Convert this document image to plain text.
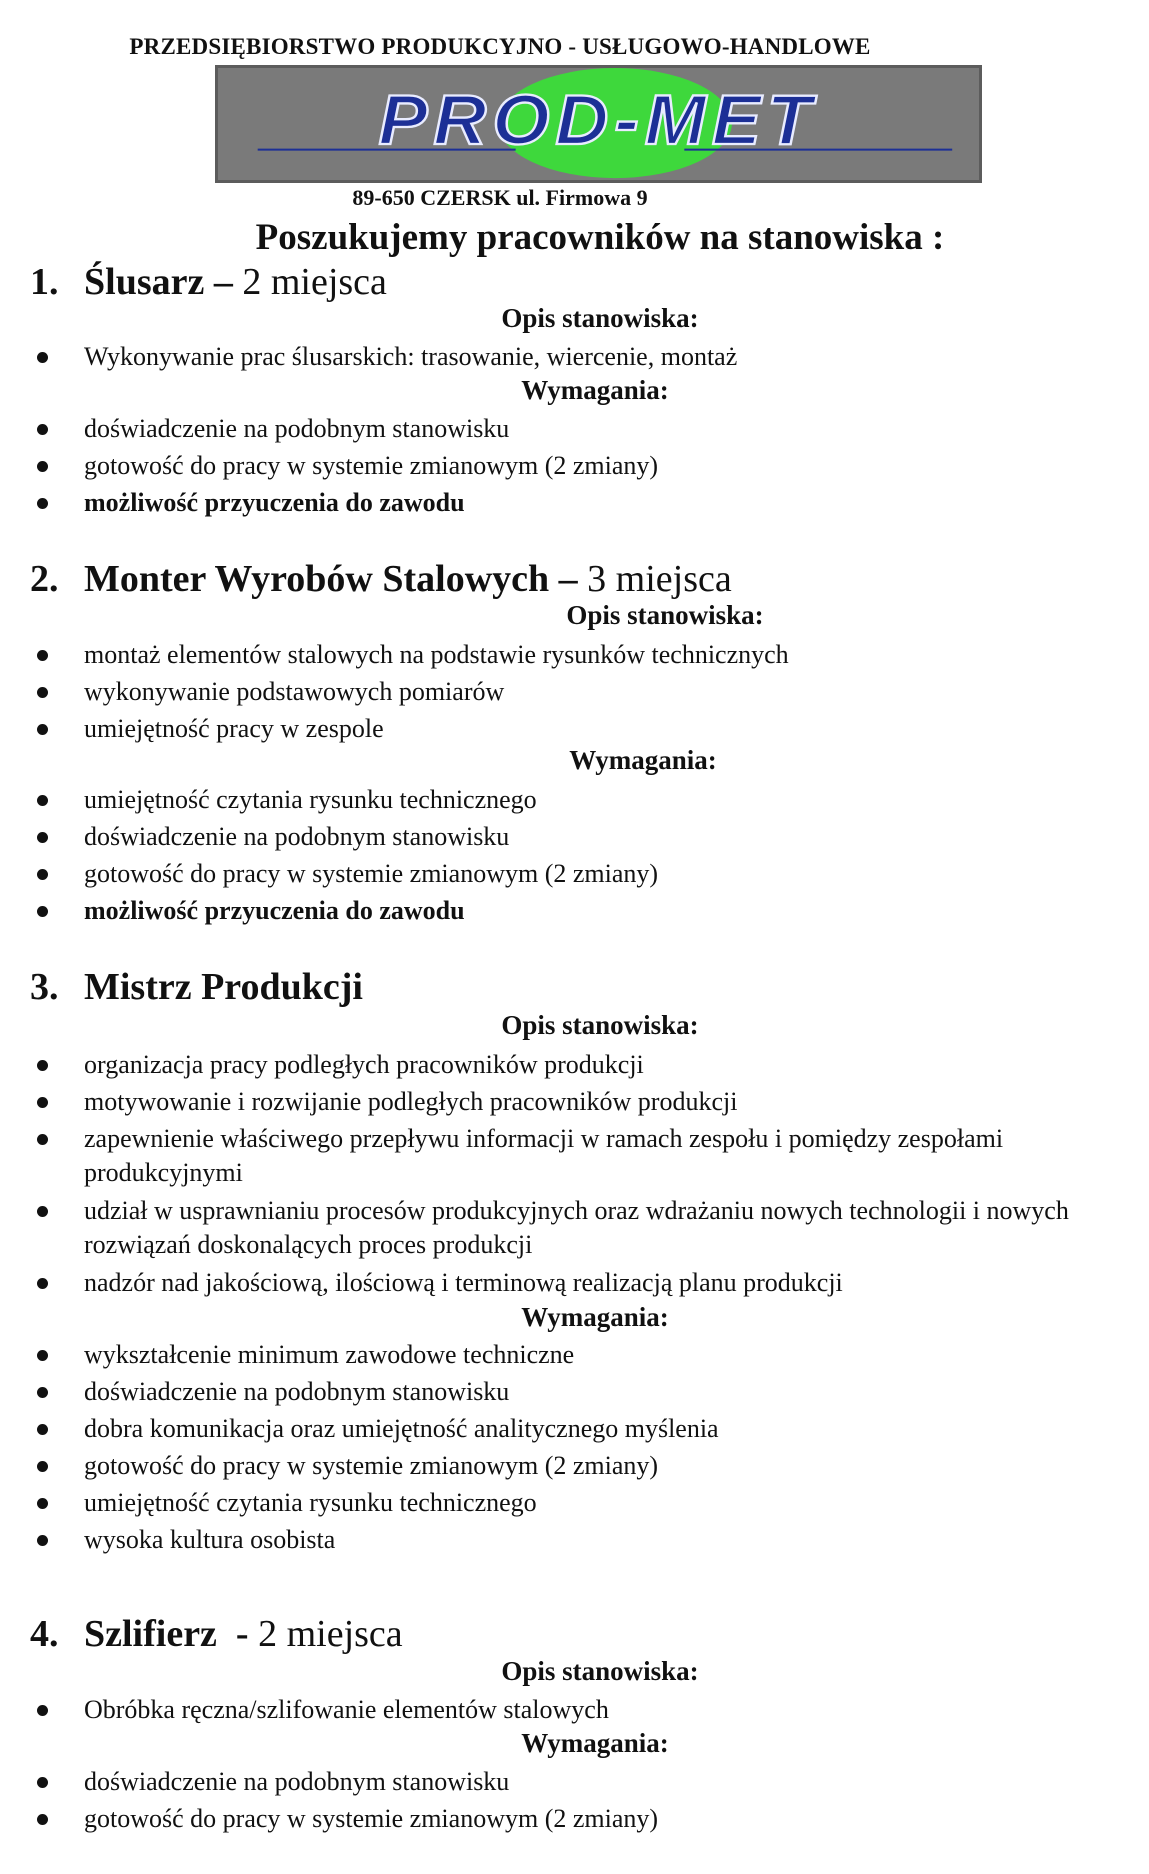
PRZEDSIĘBIORSTWO PRODUKCYJNO - USŁUGOWO-HANDLOWE
PROD-MET
89-650 CZERSK ul. Firmowa 9
Poszukujemy pracowników na stanowiska :
1. Ślusarz – 2 miejsca
Opis stanowiska:
Wykonywanie prac ślusarskich: trasowanie, wiercenie, montaż
Wymagania:
doświadczenie na podobnym stanowisku
gotowość do pracy w systemie zmianowym (2 zmiany)
możliwość przyuczenia do zawodu
2. Monter Wyrobów Stalowych – 3 miejsca
Opis stanowiska:
montaż elementów stalowych na podstawie rysunków technicznych
wykonywanie podstawowych pomiarów
umiejętność pracy w zespole
Wymagania:
umiejętność czytania rysunku technicznego
doświadczenie na podobnym stanowisku
gotowość do pracy w systemie zmianowym (2 zmiany)
możliwość przyuczenia do zawodu
3. Mistrz Produkcji
Opis stanowiska:
organizacja pracy podległych pracowników produkcji
motywowanie i rozwijanie podległych pracowników produkcji
zapewnienie właściwego przepływu informacji w ramach zespołu i pomiędzy zespołami produkcyjnymi
udział w usprawnianiu procesów produkcyjnych oraz wdrażaniu nowych technologii i nowych rozwiązań doskonalących proces produkcji
nadzór nad jakościową, ilościową i terminową realizacją planu produkcji
Wymagania:
wykształcenie minimum zawodowe techniczne
doświadczenie na podobnym stanowisku
dobra komunikacja oraz umiejętność analitycznego myślenia
gotowość do pracy w systemie zmianowym (2 zmiany)
umiejętność czytania rysunku technicznego
wysoka kultura osobista
4. Szlifierz  - 2 miejsca
Opis stanowiska:
Obróbka ręczna/szlifowanie elementów stalowych
Wymagania:
doświadczenie na podobnym stanowisku
gotowość do pracy w systemie zmianowym (2 zmiany)
